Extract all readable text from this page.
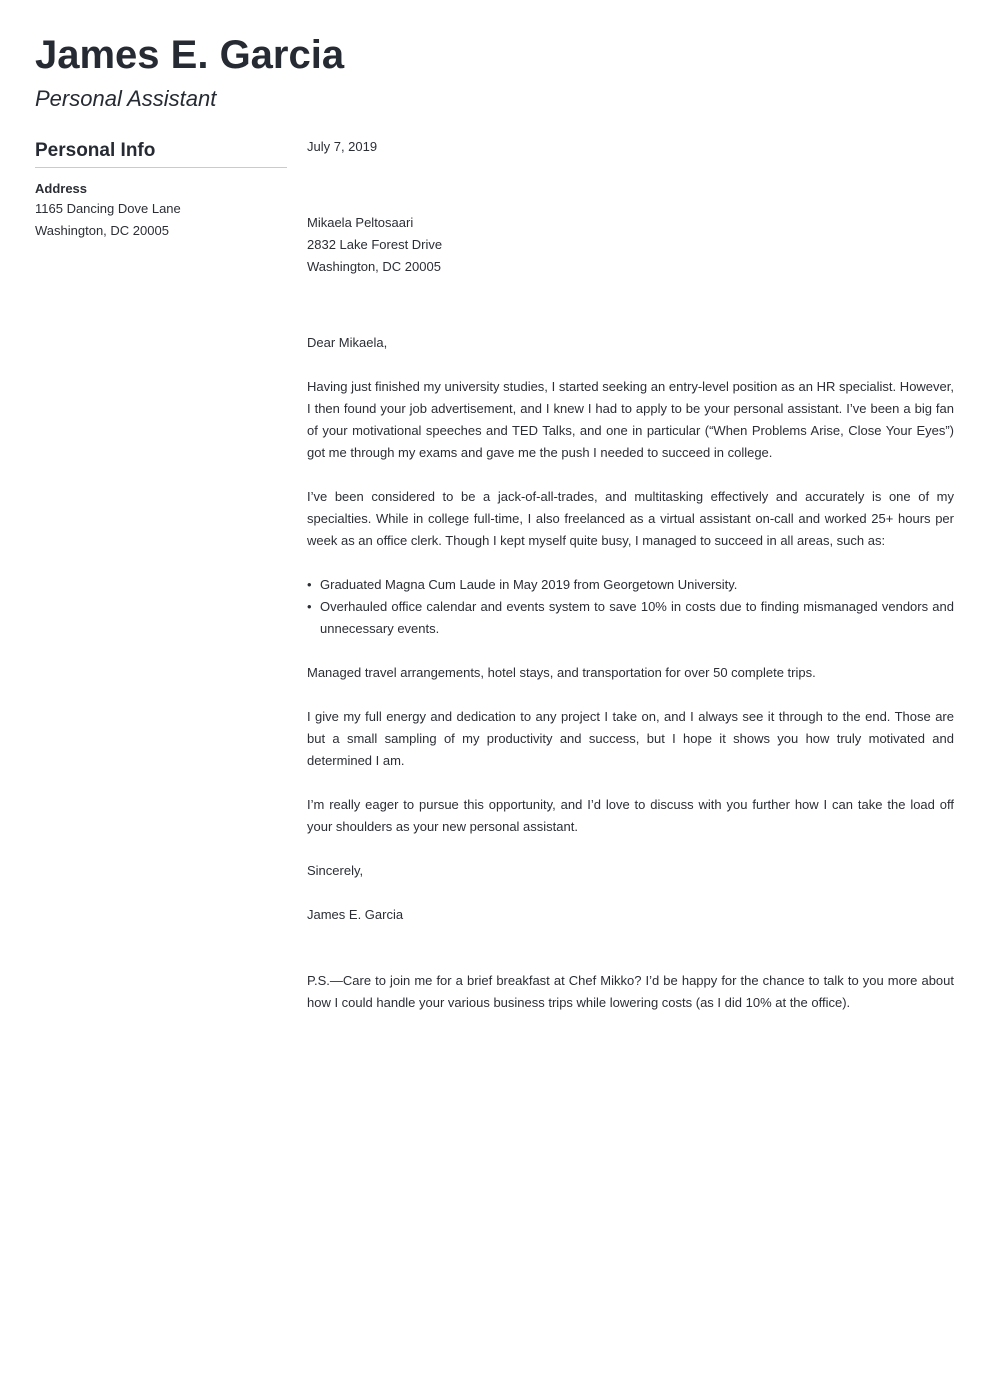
James E. Garcia
Personal Assistant
Personal Info
Address
1165 Dancing Dove Lane
Washington, DC 20005

July 7, 2019

Mikaela Peltosaari

2832 Lake Forest Drive

Washington, DC 20005

Dear Mikaela,

Having just finished my university studies, I started seeking an entry-level position as an HR specialist. However, I then found your job advertisement, and I knew I had to apply to be your personal assistant. I’ve been a big fan of your motivational speeches and TED Talks, and one in particular (“When Problems Arise, Close Your Eyes”) got me through my exams and gave me the push I needed to succeed in college.

I’ve been considered to be a jack-of-all-trades, and multitasking effectively and accurately is one of my specialties. While in college full-time, I also freelanced as a virtual assistant on-call and worked 25+ hours per week as an office clerk. Though I kept myself quite busy, I managed to succeed in all areas, such as:

• Graduated Magna Cum Laude in May 2019 from Georgetown University.
• Overhauled office calendar and events system to save 10% in costs due to finding mismanaged vendors and unnecessary events.

Managed travel arrangements, hotel stays, and transportation for over 50 complete trips.

I give my full energy and dedication to any project I take on, and I always see it through to the end. Those are but a small sampling of my productivity and success, but I hope it shows you how truly motivated and determined I am.

I’m really eager to pursue this opportunity, and I’d love to discuss with you further how I can take the load off your shoulders as your new personal assistant.

Sincerely,

James E. Garcia

P.S.—Care to join me for a brief breakfast at Chef Mikko? I’d be happy for the chance to talk to you more about how I could handle your various business trips while lowering costs (as I did 10% at the office).
